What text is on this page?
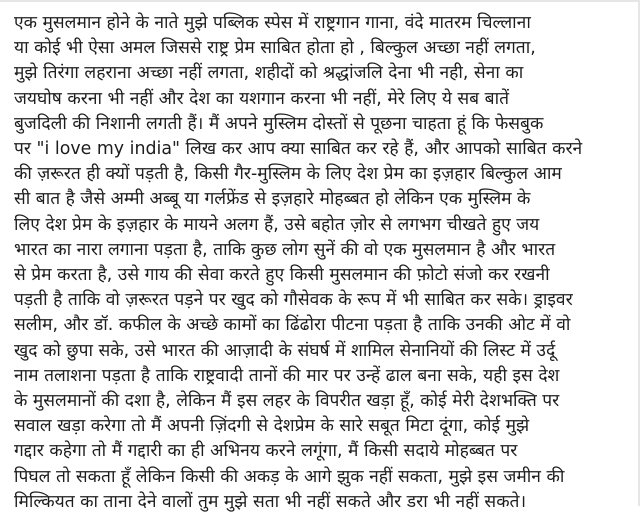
एक मुसलमान होने के नाते मुझे पब्लिक स्पेस में राष्ट्रगान गाना, वंदे मातरम चिल्लाना
या कोई भी ऐसा अमल जिससे राष्ट्र प्रेम साबित होता हो , बिल्कुल अच्छा नहीं लगता,
मुझे तिरंगा लहराना अच्छा नहीं लगता, शहीदों को श्रद्धांजलि देना भी नही, सेना का
जयघोष करना भी नहीं और देश का यशगान करना भी नहीं, मेरे लिए ये सब बातें
बुजदिली की निशानी लगती हैं। मैं अपने मुस्लिम दोस्तों से पूछना चाहता हूं कि फेसबुक
पर "i love my india" लिख कर आप क्या साबित कर रहे हैं, और आपको साबित करने
की ज़रूरत ही क्यों पड़ती है, किसी गैर-मुस्लिम के लिए देश प्रेम का इज़हार बिल्कुल आम
सी बात है जैसे अम्मी अब्बू या गर्लफ्रेंड से इज़हारे मोहब्बत हो लेकिन एक मुस्लिम के
लिए देश प्रेम के इज़हार के मायने अलग हैं, उसे बहोत ज़ोर से लगभग चीखते हुए जय
भारत का नारा लगाना पड़ता है, ताकि कुछ लोग सुनें की वो एक मुसलमान है और भारत
से प्रेम करता है, उसे गाय की सेवा करते हुए किसी मुसलमान की फ़ोटो संजो कर रखनी
पड़ती है ताकि वो ज़रूरत पड़ने पर खुद को गौसेवक के रूप में भी साबित कर सके। ड्राइवर
सलीम, और डॉ. कफील के अच्छे कामों का ढिंढोरा पीटना पड़ता है ताकि उनकी ओट में वो
खुद को छुपा सके, उसे भारत की आज़ादी के संघर्ष में शामिल सेनानियों की लिस्ट में उर्दू
नाम तलाशना पड़ता है ताकि राष्ट्रवादी तानों की मार पर उन्हें ढाल बना सके, यही इस देश
के मुसलमानों की दशा है, लेकिन मैं इस लहर के विपरीत खड़ा हूँ, कोई मेरी देशभक्ति पर
सवाल खड़ा करेगा तो मैं अपनी ज़िंदगी से देशप्रेम के सारे सबूत मिटा दूंगा, कोई मुझे
गद्दार कहेगा तो मैं गद्दारी का ही अभिनय करने लगूंगा, मैं किसी सदाये मोहब्बत पर
पिघल तो सकता हूँ लेकिन किसी की अकड़ के आगे झुक नहीं सकता, मुझे इस जमीन की
मिल्कियत का ताना देने वालों तुम मुझे सता भी नहीं सकते और डरा भी नहीं सकते।
